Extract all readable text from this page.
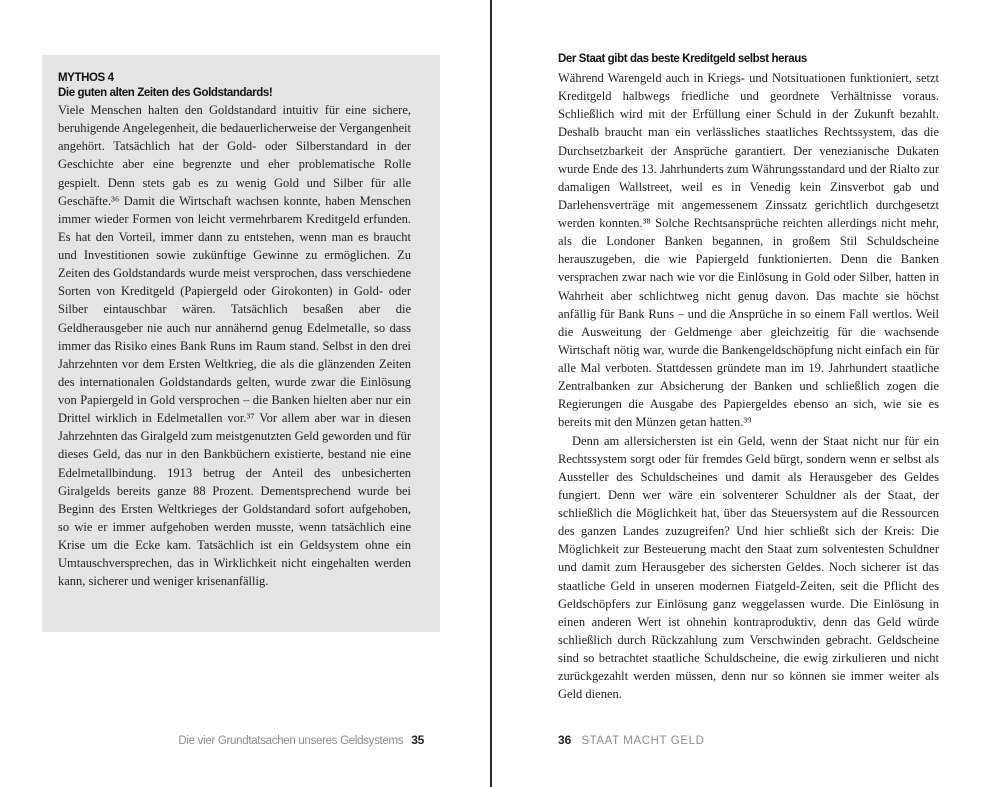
MYTHOS 4
Die guten alten Zeiten des Goldstandards!

Viele Menschen halten den Goldstandard intuitiv für eine sichere, beruhigende Angelegenheit, die bedauerlicherweise der Vergangenheit angehört. Tatsächlich hat der Gold- oder Silberstandard in der Geschichte aber eine begrenzte und eher problematische Rolle gespielt. Denn stets gab es zu wenig Gold und Silber für alle Geschäfte.³⁶ Damit die Wirtschaft wachsen konnte, haben Menschen immer wieder Formen von leicht vermehrbarem Kreditgeld erfunden. Es hat den Vorteil, immer dann zu entstehen, wenn man es braucht und Investitionen sowie zukünftige Gewinne zu ermöglichen. Zu Zeiten des Goldstandards wurde meist versprochen, dass verschiedene Sorten von Kreditgeld (Papiergeld oder Girokonten) in Gold- oder Silber eintauschbar wären. Tatsächlich besaßen aber die Geldherausgeber nie auch nur annähernd genug Edelmetalle, so dass immer das Risiko eines Bank Runs im Raum stand. Selbst in den drei Jahrzehnten vor dem Ersten Weltkrieg, die als die glänzenden Zeiten des internationalen Goldstandards gelten, wurde zwar die Einlösung von Papiergeld in Gold versprochen – die Banken hielten aber nur ein Drittel wirklich in Edelmetallen vor.³⁷ Vor allem aber war in diesen Jahrzehnten das Giralgeld zum meistgenutzten Geld geworden und für dieses Geld, das nur in den Bankbüchern existierte, bestand nie eine Edelmetallbindung. 1913 betrug der Anteil des unbesicherten Giralgelds bereits ganze 88 Prozent. Dementsprechend wurde bei Beginn des Ersten Weltkrieges der Goldstandard sofort aufgehoben, so wie er immer aufgehoben werden musste, wenn tatsächlich eine Krise um die Ecke kam. Tatsächlich ist ein Geldsystem ohne ein Umtauschversprechen, das in Wirklichkeit nicht eingehalten werden kann, sicherer und weniger krisenanfällig.

Die vier Grundtatsachen unseres Geldsystems 35
Der Staat gibt das beste Kreditgeld selbst heraus

Während Warengeld auch in Kriegs- und Notsituationen funktioniert, setzt Kreditgeld halbwegs friedliche und geordnete Verhältnisse voraus. Schließlich wird mit der Erfüllung einer Schuld in der Zukunft bezahlt. Deshalb braucht man ein verlässliches staatliches Rechtssystem, das die Durchsetzbarkeit der Ansprüche garantiert. Der venezianische Dukaten wurde Ende des 13. Jahrhunderts zum Währungsstandard und der Rialto zur damaligen Wallstreet, weil es in Venedig kein Zinsverbot gab und Darlehensverträge mit angemessenem Zinssatz gerichtlich durchgesetzt werden konnten.³⁸ Solche Rechtsansprüche reichten allerdings nicht mehr, als die Londoner Banken begannen, in großem Stil Schuldscheine herauszugeben, die wie Papiergeld funktionierten. Denn die Banken versprachen zwar nach wie vor die Einlösung in Gold oder Silber, hatten in Wahrheit aber schlichtweg nicht genug davon. Das machte sie höchst anfällig für Bank Runs – und die Ansprüche in so einem Fall wertlos. Weil die Ausweitung der Geldmenge aber gleichzeitig für die wachsende Wirtschaft nötig war, wurde die Bankengeldschöpfung nicht einfach ein für alle Mal verboten. Stattdessen gründete man im 19. Jahrhundert staatliche Zentralbanken zur Absicherung der Banken und schließlich zogen die Regierungen die Ausgabe des Papiergeldes ebenso an sich, wie sie es bereits mit den Münzen getan hatten.³⁹

Denn am allersichersten ist ein Geld, wenn der Staat nicht nur für ein Rechtssystem sorgt oder für fremdes Geld bürgt, sondern wenn er selbst als Aussteller des Schuldscheines und damit als Herausgeber des Geldes fungiert. Denn wer wäre ein solventerer Schuldner als der Staat, der schließlich die Möglichkeit hat, über das Steuersystem auf die Ressourcen des ganzen Landes zuzugreifen? Und hier schließt sich der Kreis: Die Möglichkeit zur Besteuerung macht den Staat zum solventesten Schuldner und damit zum Herausgeber des sichersten Geldes. Noch sicherer ist das staatliche Geld in unseren modernen Fiatgeld-Zeiten, seit die Pflicht des Geldschöpfers zur Einlösung ganz weggelassen wurde. Die Einlösung in einen anderen Wert ist ohnehin kontraproduktiv, denn das Geld würde schließlich durch Rückzahlung zum Verschwinden gebracht. Geldscheine sind so betrachtet staatliche Schuldscheine, die ewig zirkulieren und nicht zurückgezahlt werden müssen, denn nur so können sie immer weiter als Geld dienen.

36 STAAT MACHT GELD
